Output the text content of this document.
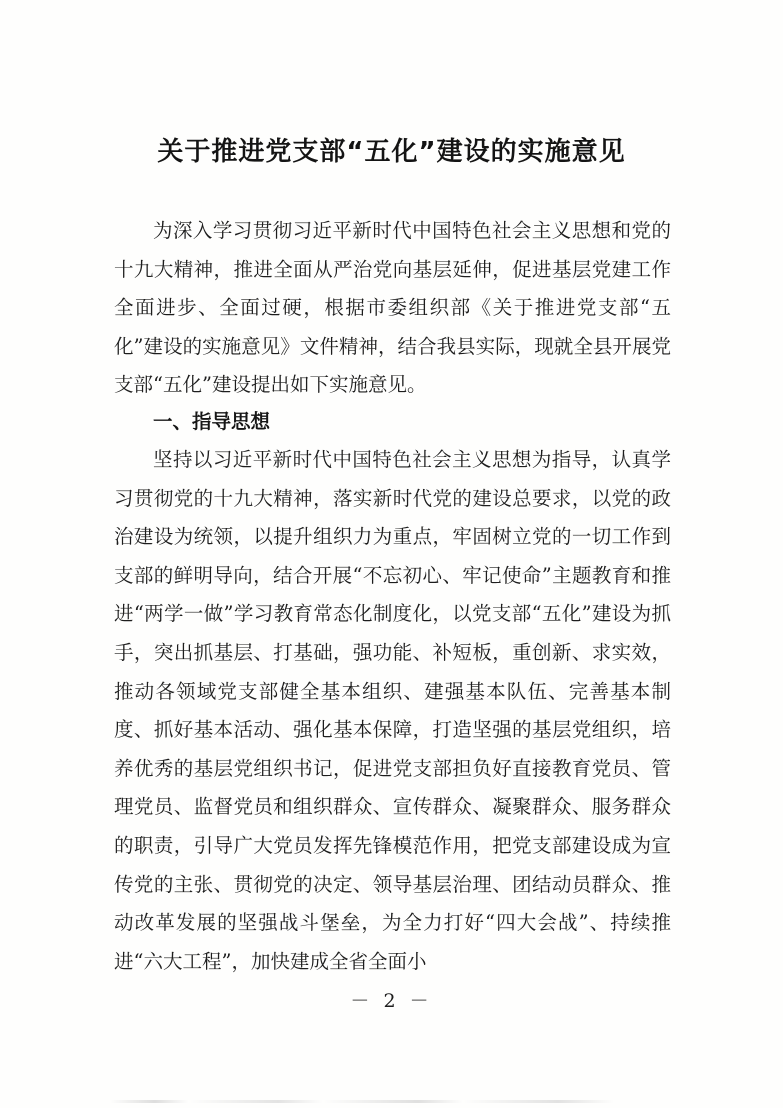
关于推进党支部“五化”建设的实施意见

为深入学习贯彻习近平新时代中国特色社会主义思想和党的十九大精神，推进全面从严治党向基层延伸，促进基层党建工作全面进步、全面过硬，根据市委组织部《关于推进党支部“五化”建设的实施意见》文件精神，结合我县实际，现就全县开展党支部“五化”建设提出如下实施意见。

一、指导思想

坚持以习近平新时代中国特色社会主义思想为指导，认真学习贯彻党的十九大精神，落实新时代党的建设总要求，以党的政治建设为统领，以提升组织力为重点，牢固树立党的一切工作到支部的鲜明导向，结合开展“不忘初心、牢记使命”主题教育和推进“两学一做”学习教育常态化制度化，以党支部“五化”建设为抓手，突出抓基层、打基础，强功能、补短板，重创新、求实效，推动各领域党支部健全基本组织、建强基本队伍、完善基本制度、抓好基本活动、强化基本保障，打造坚强的基层党组织，培养优秀的基层党组织书记，促进党支部担负好直接教育党员、管理党员、监督党员和组织群众、宣传群众、凝聚群众、服务群众的职责，引导广大党员发挥先锋模范作用，把党支部建设成为宣传党的主张、贯彻党的决定、领导基层治理、团结动员群众、推动改革发展的坚强战斗堡垒，为全力打好“四大会战”、持续推进“六大工程”，加快建成全省全面小

－ 2 －
